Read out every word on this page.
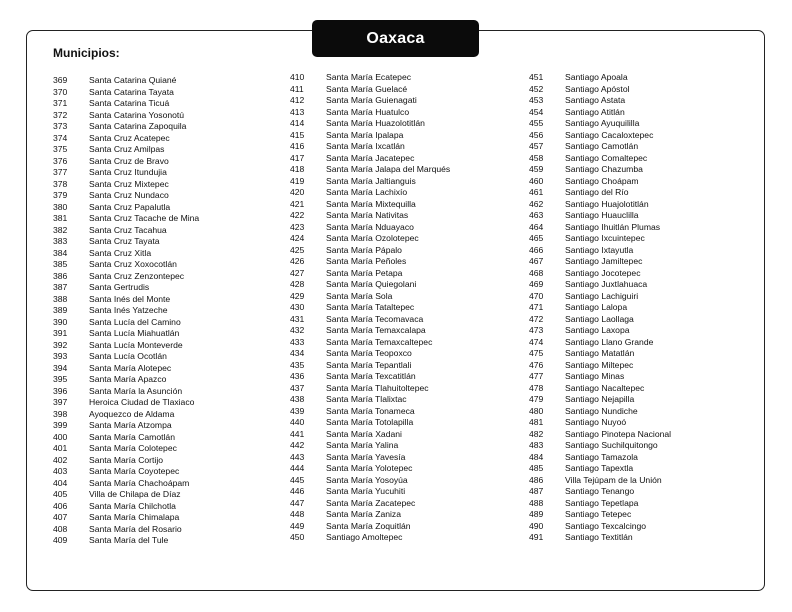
Oaxaca
Municipios:
369	Santa Catarina Quiané
370	Santa Catarina Tayata
371	Santa Catarina Ticuá
372	Santa Catarina Yosonotú
373	Santa Catarina Zapoquila
374	Santa Cruz Acatepec
375	Santa Cruz Amilpas
376	Santa Cruz de Bravo
377	Santa Cruz Itundujia
378	Santa Cruz Mixtepec
379	Santa Cruz Nundaco
380	Santa Cruz Papalutla
381	Santa Cruz Tacache de Mina
382	Santa Cruz Tacahua
383	Santa Cruz Tayata
384	Santa Cruz Xitla
385	Santa Cruz Xoxocotlán
386	Santa Cruz Zenzontepec
387	Santa Gertrudis
388	Santa Inés del Monte
389	Santa Inés Yatzeche
390	Santa Lucía del Camino
391	Santa Lucía Miahuatlán
392	Santa Lucía Monteverde
393	Santa Lucía Ocotlán
394	Santa María Alotepec
395	Santa María Apazco
396	Santa María la Asunción
397	Heroica Ciudad de Tlaxiaco
398	Ayoquezco de Aldama
399	Santa María Atzompa
400	Santa María Camotlán
401	Santa María Colotepec
402	Santa María Cortijo
403	Santa María Coyotepec
404	Santa María Chachoápam
405	Villa de Chilapa de Díaz
406	Santa María Chilchotla
407	Santa María Chimalapa
408	Santa María del Rosario
409	Santa María del Tule
410	Santa María Ecatepec
411	Santa María Guelacé
412	Santa María Guienagati
413	Santa María Huatulco
414	Santa María Huazolotitlán
415	Santa María Ipalapa
416	Santa María Ixcatlán
417	Santa María Jacatepec
418	Santa María Jalapa del Marqués
419	Santa María Jaltianguis
420	Santa María Lachixío
421	Santa María Mixtequilla
422	Santa María Nativitas
423	Santa María Nduayaco
424	Santa María Ozolotepec
425	Santa María Pápalo
426	Santa María Peñoles
427	Santa María Petapa
428	Santa María Quiegolani
429	Santa María Sola
430	Santa María Tataltepec
431	Santa María Tecomavaca
432	Santa María Temaxcalapa
433	Santa María Temaxcaltepec
434	Santa María Teopoxco
435	Santa María Tepantlali
436	Santa María Texcatitlán
437	Santa María Tlahuitoltepec
438	Santa María Tlalixtac
439	Santa María Tonameca
440	Santa María Totolapilla
441	Santa María Xadani
442	Santa María Yalina
443	Santa María Yavesía
444	Santa María Yolotepec
445	Santa María Yosoyúa
446	Santa María Yucuhiti
447	Santa María Zacatepec
448	Santa María Zaniza
449	Santa María Zoquitlán
450	Santiago Amoltepec
451	Santiago Apoala
452	Santiago Apóstol
453	Santiago Astata
454	Santiago Atitlán
455	Santiago Ayuquililla
456	Santiago Cacaloxtepec
457	Santiago Camotlán
458	Santiago Comaltepec
459	Santiago Chazumba
460	Santiago Choápam
461	Santiago del Río
462	Santiago Huajolotitlán
463	Santiago Huauclilla
464	Santiago Ihuitlán Plumas
465	Santiago Ixcuintepec
466	Santiago Ixtayutla
467	Santiago Jamiltepec
468	Santiago Jocotepec
469	Santiago Juxtlahuaca
470	Santiago Lachiguiri
471	Santiago Lalopa
472	Santiago Laollaga
473	Santiago Laxopa
474	Santiago Llano Grande
475	Santiago Matatlán
476	Santiago Miltepec
477	Santiago Minas
478	Santiago Nacaltepec
479	Santiago Nejapilla
480	Santiago Nundiche
481	Santiago Nuyoó
482	Santiago Pinotepa Nacional
483	Santiago Suchilquitongo
484	Santiago Tamazola
485	Santiago Tapextla
486	Villa Tejúpam de la Unión
487	Santiago Tenango
488	Santiago Tepetlapa
489	Santiago Tetepec
490	Santiago Texcalcingo
491	Santiago Textitlán
